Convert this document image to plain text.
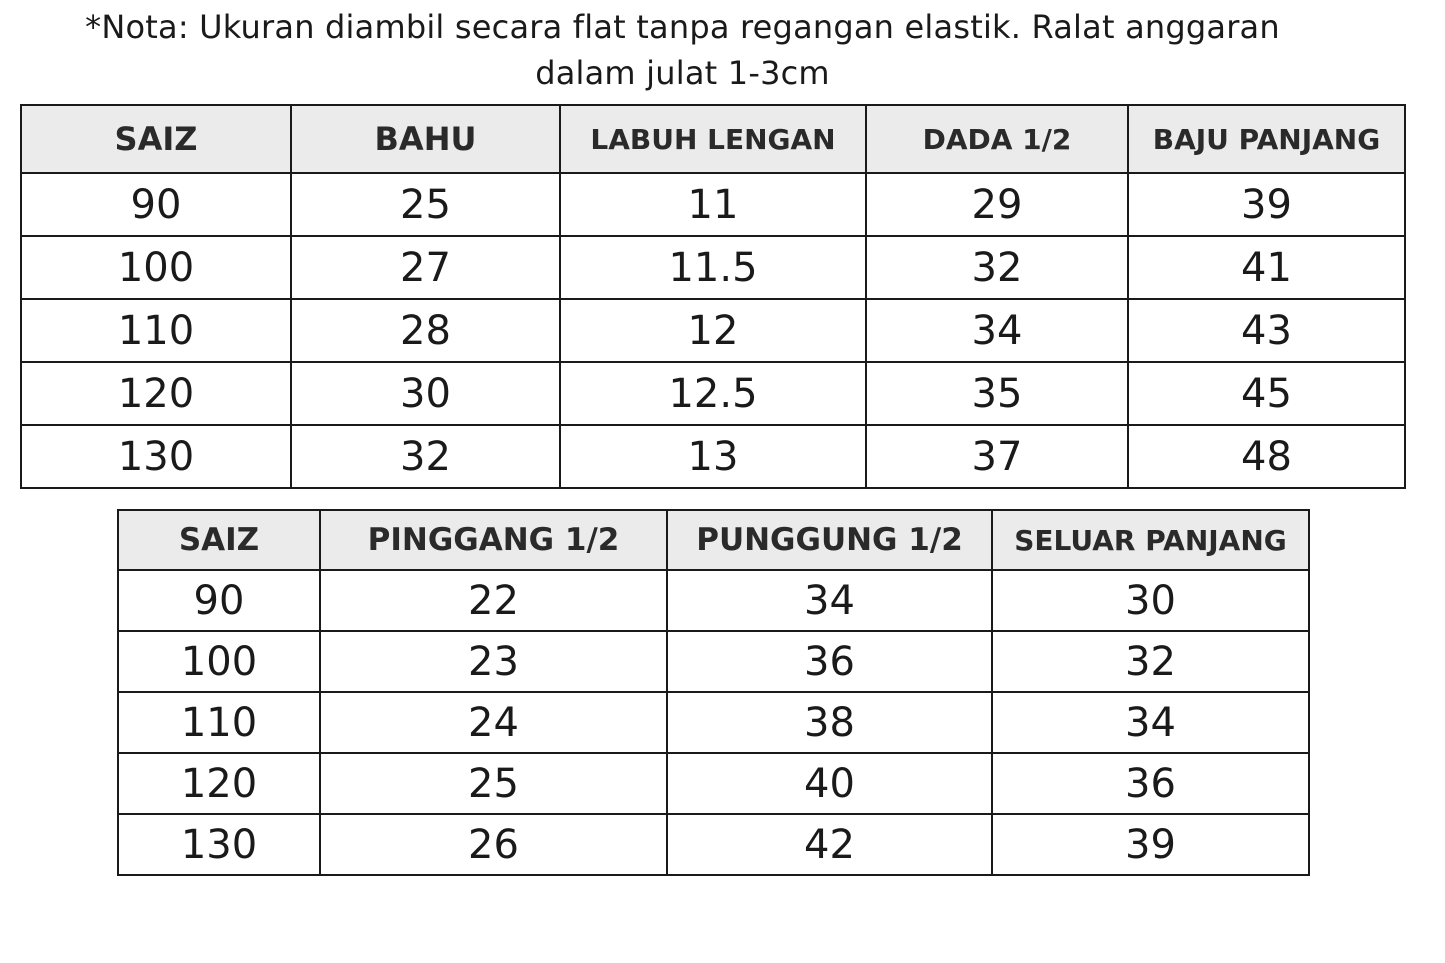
*Nota: Ukuran diambil secara flat tanpa regangan elastik. Ralat anggaran
dalam julat 1-3cm
SAIZ	BAHU	LABUH LENGAN	DADA 1/2	BAJU PANJANG
90	25	11	29	39
100	27	11.5	32	41
110	28	12	34	43
120	30	12.5	35	45
130	32	13	37	48
SAIZ	PINGGANG 1/2	PUNGGUNG 1/2	SELUAR PANJANG
90	22	34	30
100	23	36	32
110	24	38	34
120	25	40	36
130	26	42	39
